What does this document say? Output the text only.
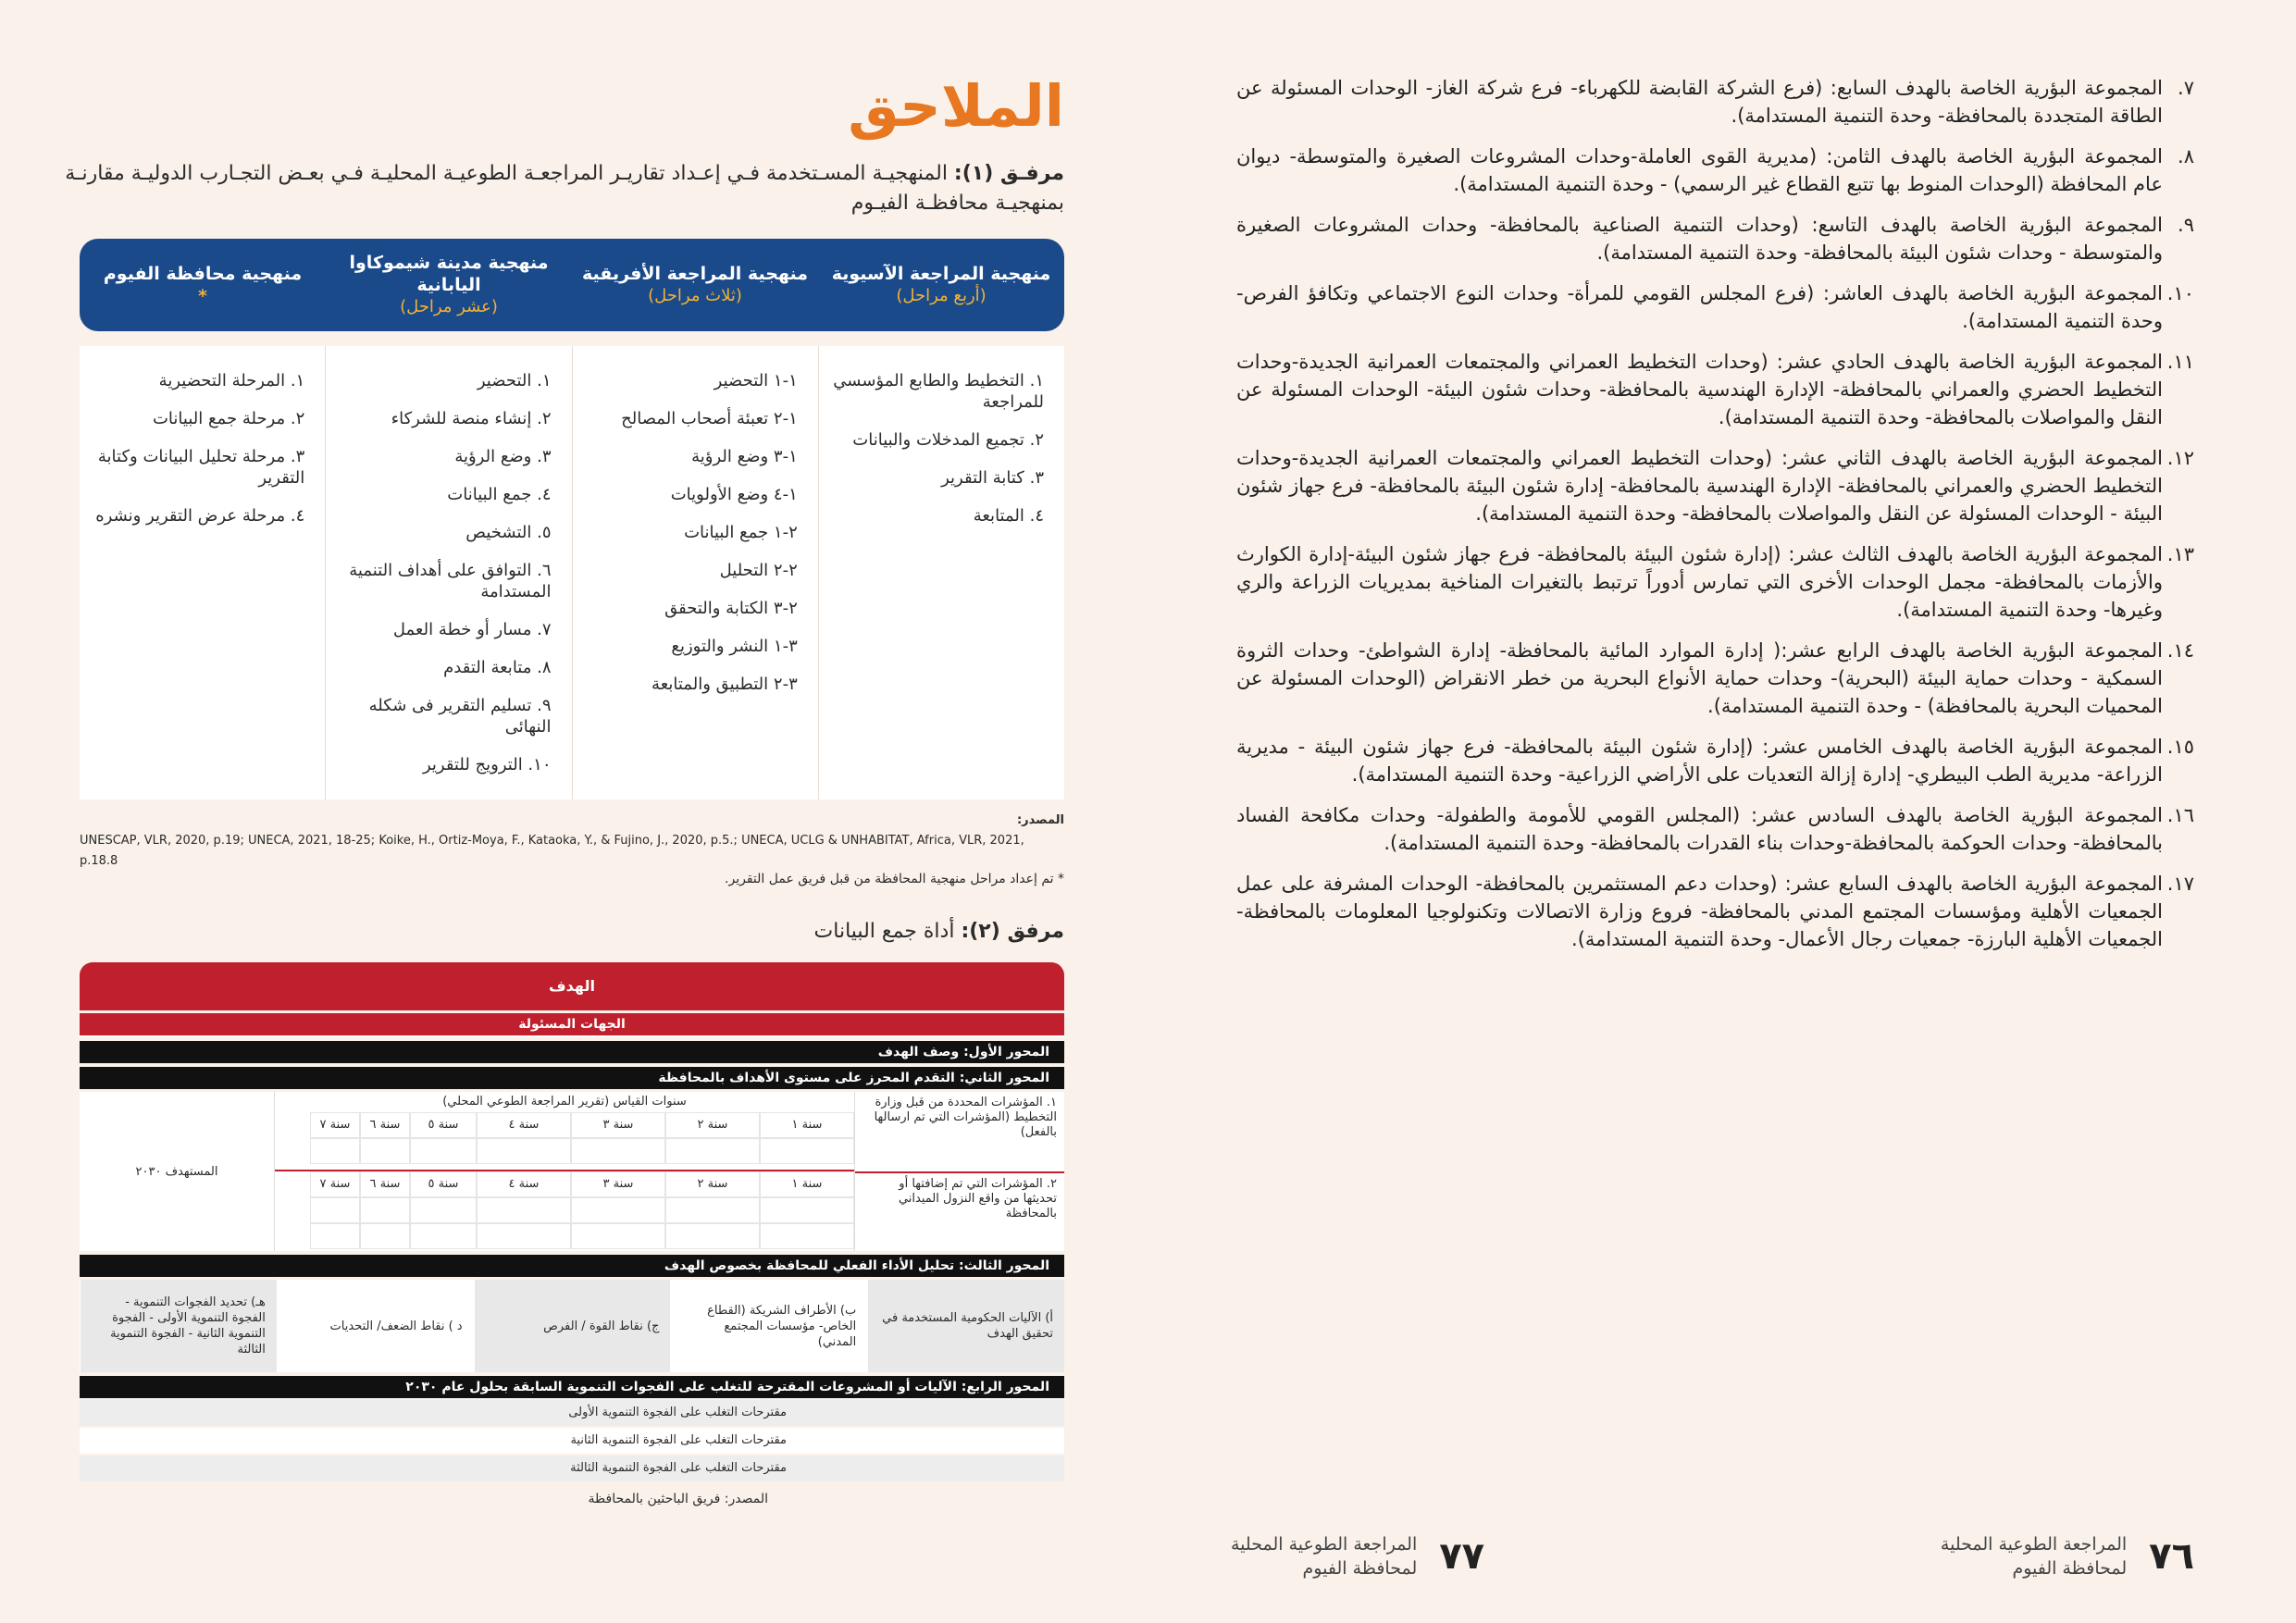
٧.
المجموعة البؤرية الخاصة بالهدف السابع: (فرع الشركة القابضة للكهرباء- فرع شركة الغاز- الوحدات المسئولة عن الطاقة المتجددة بالمحافظة- وحدة التنمية المستدامة).
٨.
المجموعة البؤرية الخاصة بالهدف الثامن: (مديرية القوى العاملة-وحدات المشروعات الصغيرة والمتوسطة- ديوان عام المحافظة (الوحدات المنوط بها تتبع القطاع غير الرسمي) - وحدة التنمية المستدامة).
٩.
المجموعة البؤرية الخاصة بالهدف التاسع: (وحدات التنمية الصناعية بالمحافظة- وحدات المشروعات الصغيرة والمتوسطة - وحدات شئون البيئة بالمحافظة- وحدة التنمية المستدامة).
١٠.
المجموعة البؤرية الخاصة بالهدف العاشر: (فرع المجلس القومي للمرأة- وحدات النوع الاجتماعي وتكافؤ الفرص- وحدة التنمية المستدامة).
١١.
المجموعة البؤرية الخاصة بالهدف الحادي عشر: (وحدات التخطيط العمراني والمجتمعات العمرانية الجديدة-وحدات التخطيط الحضري والعمراني بالمحافظة- الإدارة الهندسية بالمحافظة- وحدات شئون البيئة- الوحدات المسئولة عن النقل والمواصلات بالمحافظة- وحدة التنمية المستدامة).
١٢.
المجموعة البؤرية الخاصة بالهدف الثاني عشر: (وحدات التخطيط العمراني والمجتمعات العمرانية الجديدة-وحدات التخطيط الحضري والعمراني بالمحافظة- الإدارة الهندسية بالمحافظة- إدارة شئون البيئة بالمحافظة- فرع جهاز شئون البيئة - الوحدات المسئولة عن النقل والمواصلات بالمحافظة- وحدة التنمية المستدامة).
١٣.
المجموعة البؤرية الخاصة بالهدف الثالث عشر: (إدارة شئون البيئة بالمحافظة- فرع جهاز شئون البيئة-إدارة الكوارث والأزمات بالمحافظة- مجمل الوحدات الأخرى التي تمارس أدوراً ترتبط بالتغيرات المناخية بمديريات الزراعة والري وغيرها- وحدة التنمية المستدامة).
١٤.
المجموعة البؤرية الخاصة بالهدف الرابع عشر:( إدارة الموارد المائية بالمحافظة- إدارة الشواطئ- وحدات الثروة السمكية - وحدات حماية البيئة (البحرية)- وحدات حماية الأنواع البحرية من خطر الانقراض (الوحدات المسئولة عن المحميات البحرية بالمحافظة) - وحدة التنمية المستدامة).
١٥.
المجموعة البؤرية الخاصة بالهدف الخامس عشر: (إدارة شئون البيئة بالمحافظة- فرع جهاز شئون البيئة - مديرية الزراعة- مديرية الطب البيطري- إدارة إزالة التعديات على الأراضي الزراعية- وحدة التنمية المستدامة).
١٦.
المجموعة البؤرية الخاصة بالهدف السادس عشر: (المجلس القومي للأمومة والطفولة- وحدات مكافحة الفساد بالمحافظة- وحدات الحوكمة بالمحافظة-وحدات بناء القدرات بالمحافظة- وحدة التنمية المستدامة).
١٧.
المجموعة البؤرية الخاصة بالهدف السابع عشر: (وحدات دعم المستثمرين بالمحافظة- الوحدات المشرفة على عمل الجمعيات الأهلية ومؤسسات المجتمع المدني بالمحافظة- فروع وزارة الاتصالات وتكنولوجيا المعلومات بالمحافظة- الجمعيات الأهلية البارزة- جمعيات رجال الأعمال- وحدة التنمية المستدامة).
٧٦
المراجعة الطوعية المحلية
لمحافظة الفيوم
الملاحق
مرفـق (١): المنهجيـة المسـتخدمة فـي إعـداد تقاريـر المراجعـة الطوعيـة المحليـة فـي بعـض التجـارب الدوليـة مقارنـة بمنهجيـة محافظـة الفيـوم
منهجية المراجعة الآسيوية
(أربع مراحل)
منهجية المراجعة الأفريقية
(ثلاث مراحل)
منهجية مدينة شيموكاوا اليابانية
(عشر مراحل)
منهجية محافظة الفيوم
*
١. التخطيط والطابع المؤسسي للمراجعة
٢. تجميع المدخلات والبيانات
٣. كتابة التقرير
٤. المتابعة
١-١ التحضير
١-٢ تعبئة أصحاب المصالح
١-٣ وضع الرؤية
١-٤ وضع الأولويات
٢-١ جمع البيانات
٢-٢ التحليل
٢-٣ الكتابة والتحقق
٣-١ النشر والتوزيع
٣-٢ التطبيق والمتابعة
١. التحضير
٢. إنشاء منصة للشركاء
٣. وضع الرؤية
٤. جمع البيانات
٥. التشخيص
٦. التوافق على أهداف التنمية المستدامة
٧. مسار أو خطة العمل
٨. متابعة التقدم
٩. تسليم التقرير فى شكله النهائى
١٠. الترويج للتقرير
١. المرحلة التحضيرية
٢. مرحلة جمع البيانات
٣. مرحلة تحليل البيانات وكتابة التقرير
٤. مرحلة عرض التقرير ونشره
المصدر:
UNESCAP, VLR, 2020, p.19; UNECA, 2021, 18-25; Koike, H., Ortiz-Moya, F., Kataoka, Y., & Fujino, J., 2020, p.5.; UNECA, UCLG & UNHABITAT, Africa, VLR, 2021, p.18.8
* تم إعداد مراحل منهجية المحافظة من قبل فريق عمل التقرير.
مرفق (٢): أداة جمع البيانات
الهدف
الجهات المسئولة
المحور الأول: وصف الهدف
المحور الثاني: التقدم المحرز على مستوى الأهداف بالمحافظة
١. المؤشرات المحددة من قبل وزارة التخطيط (المؤشرات التي تم ارسالها بالفعل)
٢. المؤشرات التي تم إضافتها أو تحديثها من واقع النزول الميداني بالمحافظة
سنوات القياس (تقرير المراجعة الطوعي المحلي)
سنة ١
سنة ٢
سنة ٣
سنة ٤
سنة ٥
سنة ٦
سنة ٧
سنة ١
سنة ٢
سنة ٣
سنة ٤
سنة ٥
سنة ٦
سنة ٧
المستهدف ٢٠٣٠
المحور الثالث: تحليل الأداء الفعلي للمحافظة بخصوص الهدف
أ) الآليات الحكومية المستخدمة في تحقيق الهدف
ب) الأطراف الشريكة (القطاع الخاص- مؤسسات المجتمع المدني)
ج) نقاط القوة / الفرص
د ) نقاط الضعف/ التحديات
هـ) تحديد الفجوات التنموية - الفجوة التنموية الأولى - الفجوة التنموية الثانية - الفجوة التنموية الثالثة
المحور الرابع: الآليات أو المشروعات المقترحة للتغلب على الفجوات التنموية السابقة بحلول عام ٢٠٣٠
مقترحات التغلب على الفجوة التنموية الأولى
مقترحات التغلب على الفجوة التنموية الثانية
مقترحات التغلب على الفجوة التنموية الثالثة
المصدر: فريق الباحثين بالمحافظة
٧٧
المراجعة الطوعية المحلية
لمحافظة الفيوم
